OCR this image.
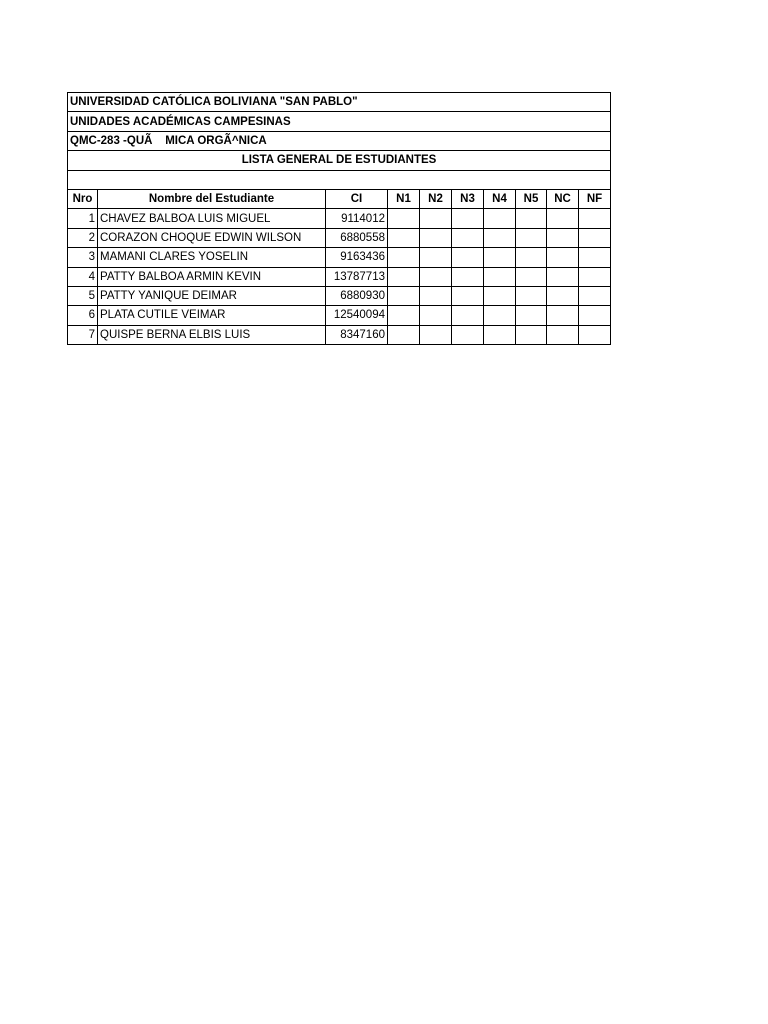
UNIVERSIDAD CATÓLICA BOLIVIANA "SAN PABLO"									
UNIDADES ACADÉMICAS CAMPESINAS									
QMC-283 -QUÃ    MICA ORGÃ^NICA									
LISTA GENERAL DE ESTUDIANTES									

Nro	Nombre del Estudiante	CI	N1	N2	N3	N4	N5	NC	NF
1	CHAVEZ BALBOA LUIS MIGUEL	9114012							
2	CORAZON CHOQUE EDWIN WILSON	6880558							
3	MAMANI CLARES YOSELIN	9163436							
4	PATTY BALBOA ARMIN KEVIN	13787713							
5	PATTY YANIQUE DEIMAR	6880930							
6	PLATA CUTILE VEIMAR	12540094							
7	QUISPE BERNA ELBIS LUIS	8347160							
